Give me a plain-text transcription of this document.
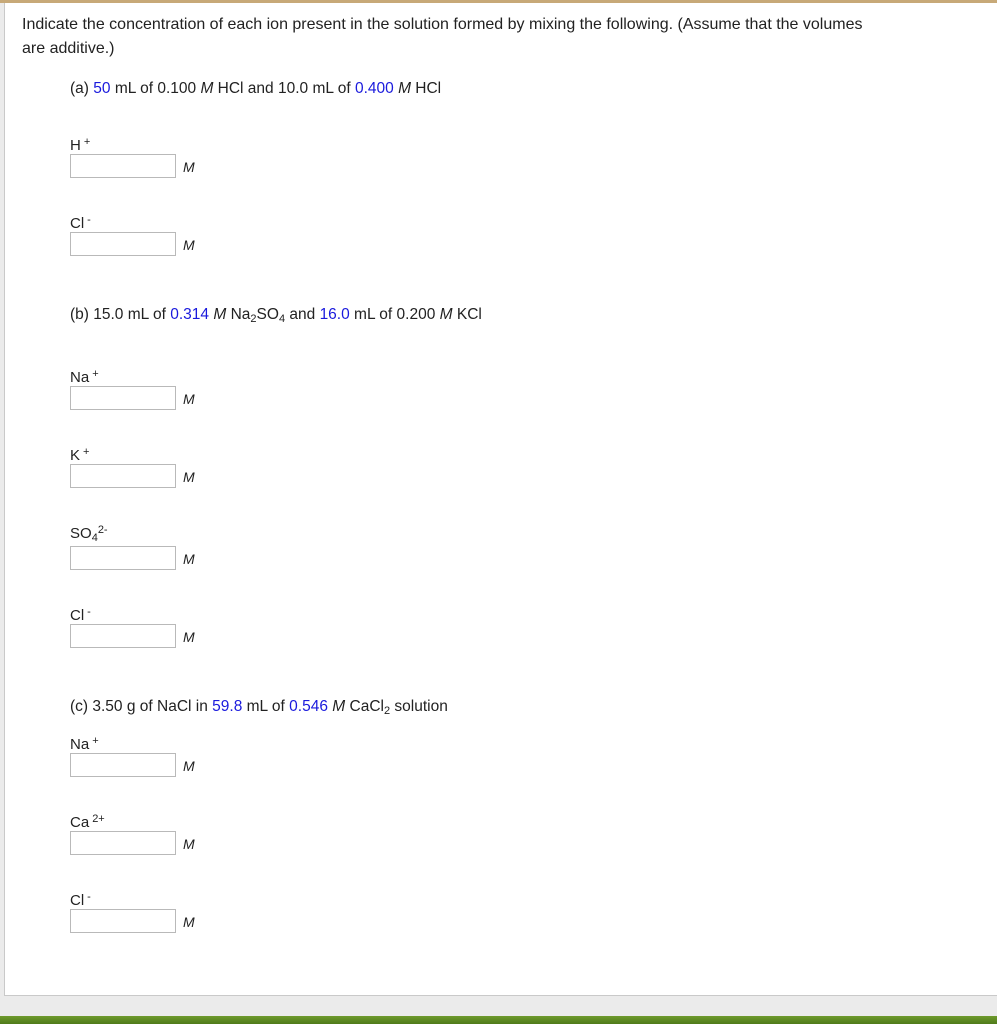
Indicate the concentration of each ion present in the solution formed by mixing the following. (Assume that the volumes
are additive.)
(a) 50 mL of 0.100 M HCl and 10.0 mL of 0.400 M HCl
H +
M
Cl -
M
(b) 15.0 mL of 0.314 M $Na_2SO_4$ and 16.0 mL of 0.200 M KCl
Na +
M
K +
M
$SO_4^{2-}$
M
Cl -
M
(c) 3.50 g of NaCl in 59.8 mL of 0.546 M CaCl$_2$ solution
Na +
M
Ca $^{2+}$
M
Cl -
M
